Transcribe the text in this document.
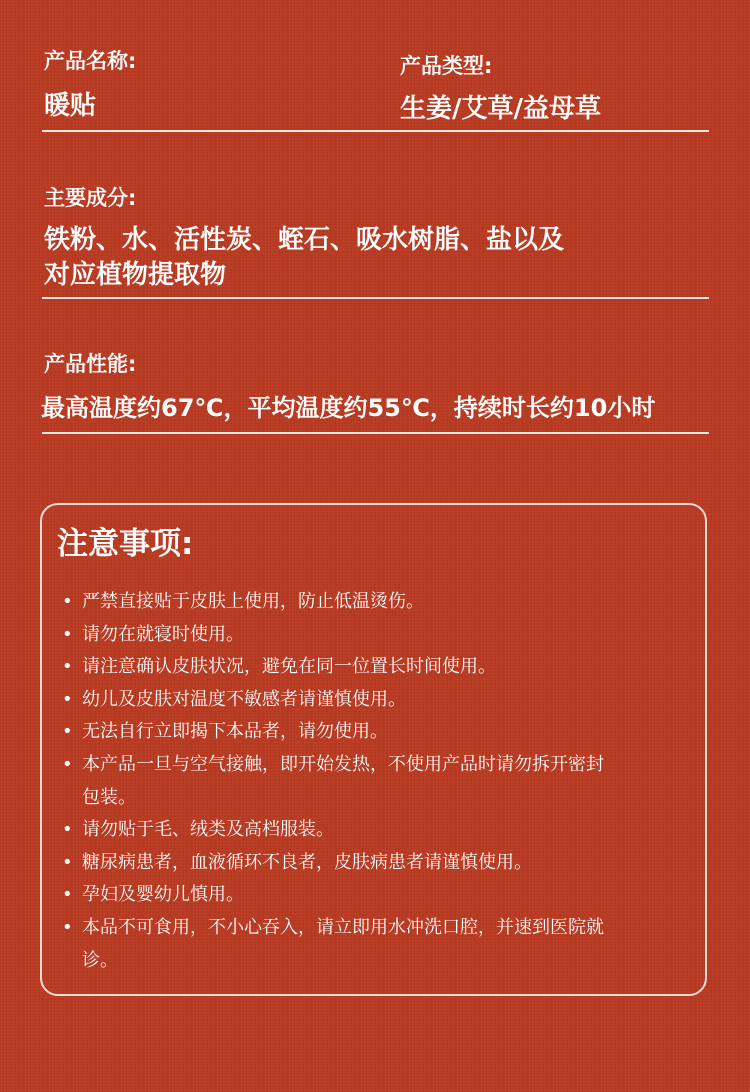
产品名称:
暖贴
产品类型:
生姜/艾草/益母草
主要成分:
铁粉、水、活性炭、蛭石、吸水树脂、盐以及
对应植物提取物
产品性能:
最高温度约67℃，平均温度约55℃，持续时长约10小时
注意事项:
• 严禁直接贴于皮肤上使用，防止低温烫伤。
• 请勿在就寝时使用。
• 请注意确认皮肤状况，避免在同一位置长时间使用。
• 幼儿及皮肤对温度不敏感者请谨慎使用。
• 无法自行立即揭下本品者，请勿使用。
• 本产品一旦与空气接触，即开始发热，不使用产品时请勿拆开密封
包装。
• 请勿贴于毛、绒类及高档服装。
• 糖尿病患者，血液循环不良者，皮肤病患者请谨慎使用。
• 孕妇及婴幼儿慎用。
• 本品不可食用，不小心吞入，请立即用水冲洗口腔，并速到医院就
诊。
